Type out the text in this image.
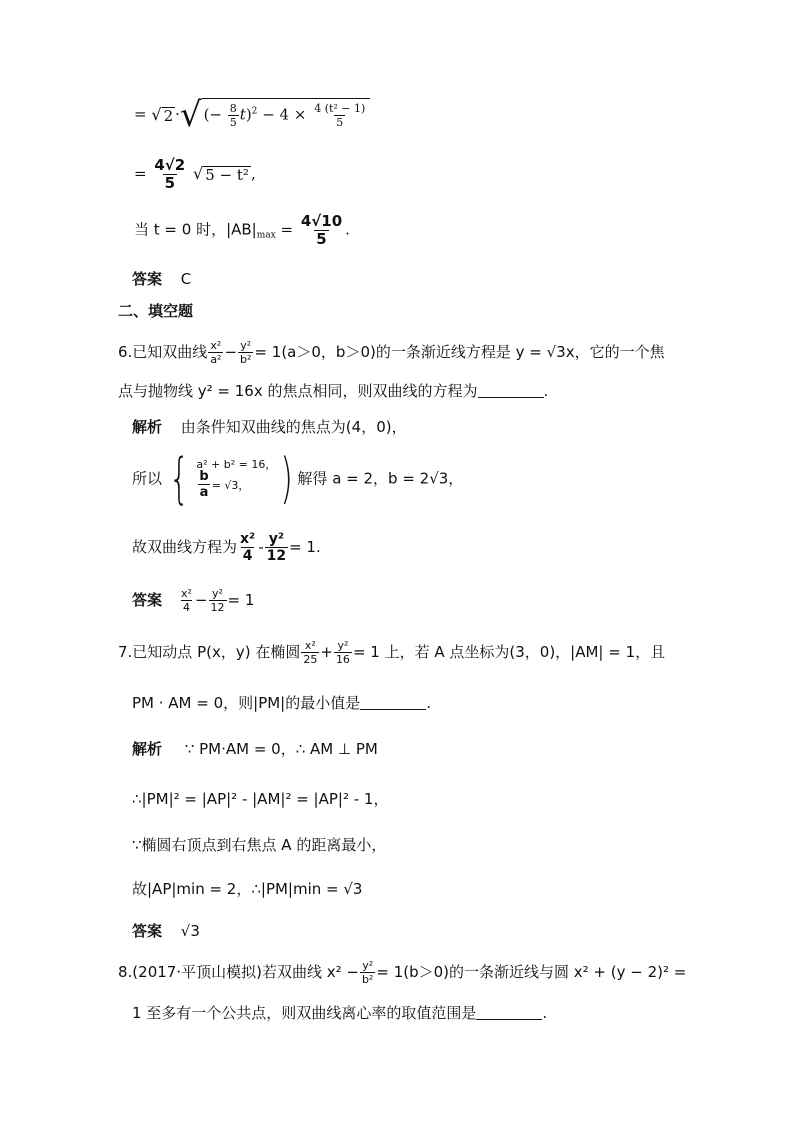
= √ 2 · √ (− $\frac{8}{5} t)^2 - 4 \times \frac{\text{4 (t² − 1)}}{5}$
= $\frac{4√2}{5}$
√ 5 − t² ,
当 t = 0 时，$|AB|_{max} = \frac{4√10}{5}$ .
答案 C
二、填空题
6.已知双曲线 $\frac{\text{x²}}{\text{a²}} - \frac{\text{y²}}{\text{b²}} = 1(a>0$，b＞0)的一条渐近线方程是 y = √3x，它的一个焦
点与抛物线 y² = 16x 的焦点相同，则双曲线的方程为	.
解析 由条件知双曲线的焦点为(4，0)，
所以 { a² + b² = 16，
$\frac{b}{a} = √3$， ) 解得 a = 2，b = 2√3，
故双曲线方程为 $\frac{\text{x²}}{4} - \frac{\text{y²}}{12} = 1$.
答案 $\frac{\text{x²}}{4} - \frac{\text{y²}}{12} = 1$
7.已知动点 P(x，y) 在椭圆 $\frac{\text{x²}}{25} + \frac{\text{y²}}{16} = 1$ 上，若 A 点坐标为(3，0)，|AM| = 1，且
PM · AM = 0，则|PM|的最小值是	.
解析 ∵ PM·AM = 0，∴ AM ⊥ PM
∴|PM|² = |AP|² - |AM|² = |AP|² - 1，
∵椭圆右顶点到右焦点 A 的距离最小，
故|AP|min = 2，∴|PM|min = √3
答案 √3
8.(2017·平顶山模拟)若双曲线 $x^2 - \frac{\text{y²}}{\text{b²}} = 1(b>0)$的一条渐近线与圆 x² + (y − 2)² =
1 至多有一个公共点，则双曲线离心率的取值范围是	.
